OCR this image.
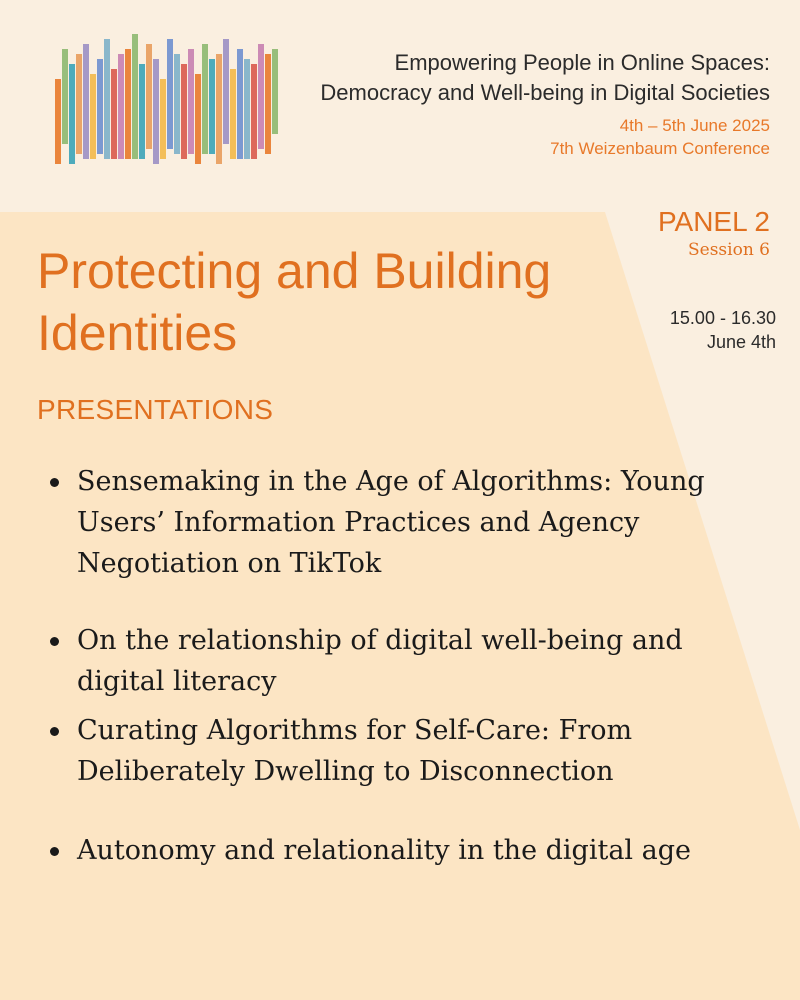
Empowering People in Online Spaces:

Democracy and Well-being in Digital Societies

4th – 5th June 2025

7th Weizenbaum Conference

PANEL 2
Session 6
15.00 - 16.30
June 4th
Protecting and Building Identities
PRESENTATIONS
Sensemaking in the Age of Algorithms: Young Users’ Information Practices and Agency Negotiation on TikTok
On the relationship of digital well-being and digital literacy
Curating Algorithms for Self-Care: From Deliberately Dwelling to Disconnection
Autonomy and relationality in the digital age
